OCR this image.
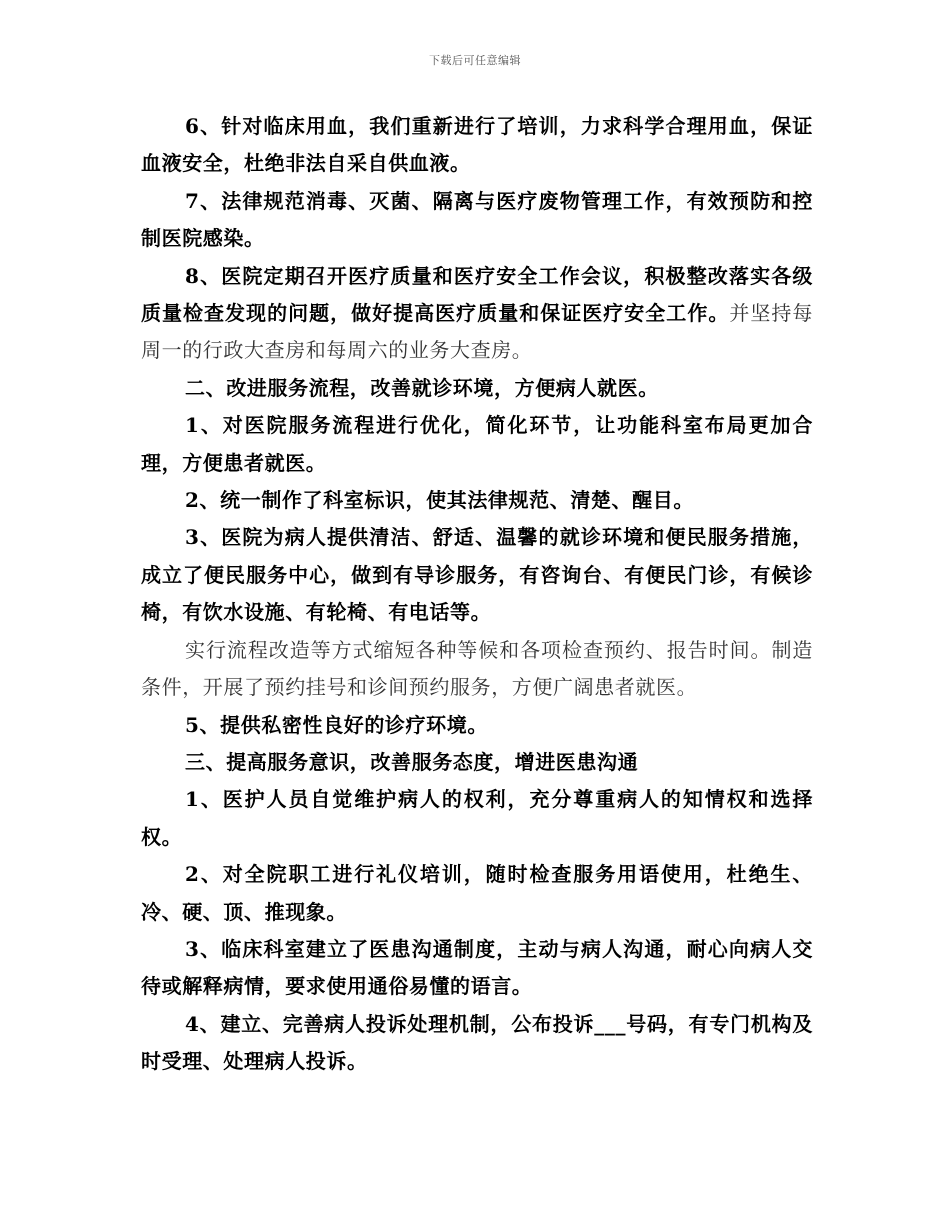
下载后可任意编辑

6、针对临床用血，我们重新进行了培训，力求科学合理用血，保证血液安全，杜绝非法自采自供血液。

7、法律规范消毒、灭菌、隔离与医疗废物管理工作，有效预防和控制医院感染。

8、医院定期召开医疗质量和医疗安全工作会议，积极整改落实各级质量检查发现的问题，做好提高医疗质量和保证医疗安全工作。并坚持每周一的行政大查房和每周六的业务大查房。

二、改进服务流程，改善就诊环境，方便病人就医。

1、对医院服务流程进行优化，简化环节，让功能科室布局更加合理，方便患者就医。

2、统一制作了科室标识，使其法律规范、清楚、醒目。

3、医院为病人提供清洁、舒适、温馨的就诊环境和便民服务措施，成立了便民服务中心，做到有导诊服务，有咨询台、有便民门诊，有候诊椅，有饮水设施、有轮椅、有电话等。

实行流程改造等方式缩短各种等候和各项检查预约、报告时间。制造条件，开展了预约挂号和诊间预约服务，方便广阔患者就医。

5、提供私密性良好的诊疗环境。

三、提高服务意识，改善服务态度，增进医患沟通

1、医护人员自觉维护病人的权利，充分尊重病人的知情权和选择权。

2、对全院职工进行礼仪培训，随时检查服务用语使用，杜绝生、冷、硬、顶、推现象。

3、临床科室建立了医患沟通制度，主动与病人沟通，耐心向病人交待或解释病情，要求使用通俗易懂的语言。

4、建立、完善病人投诉处理机制，公布投诉___号码，有专门机构及时受理、处理病人投诉。
